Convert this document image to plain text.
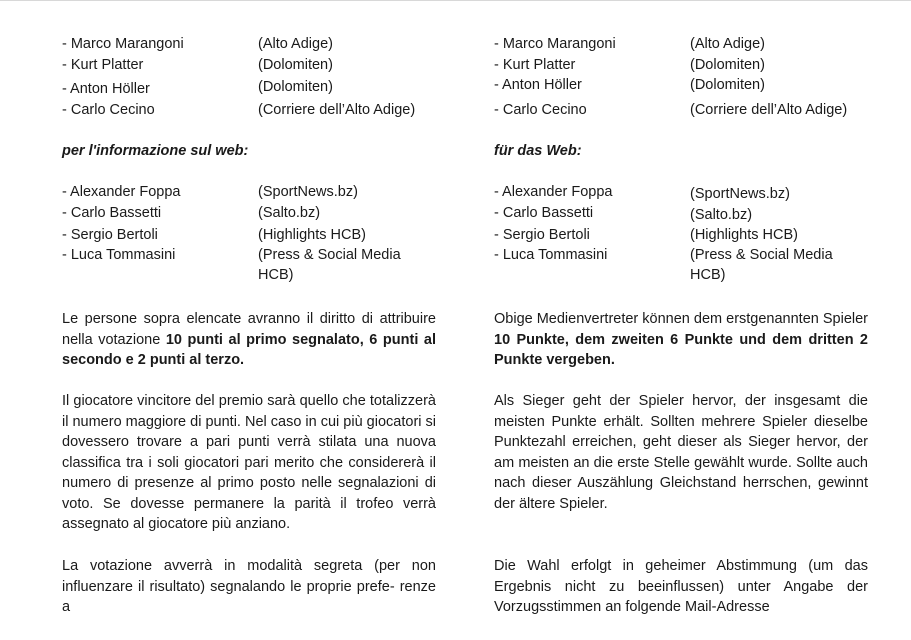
- Marco Marangoni	(Alto Adige)
- Kurt Platter	(Dolomiten)
- Anton Höller	(Dolomiten)
- Carlo Cecino	(Corriere dell’Alto Adige)
per l'informazione sul web:
- Alexander Foppa	(SportNews.bz)
- Carlo Bassetti	(Salto.bz)
- Sergio Bertoli	(Highlights HCB)
- Luca Tommasini	(Press & Social Media HCB)
Le persone sopra elencate avranno il diritto di attribuire nella votazione 10 punti al primo segnalato, 6 punti al secondo e 2 punti al terzo.
Il giocatore vincitore del premio sarà quello che totalizzerà il numero maggiore di punti. Nel caso in cui più giocatori si dovessero trovare a pari punti verrà stilata una nuova classifica tra i soli giocatori pari merito che considererà il numero di presenze al primo posto nelle segnalazioni di voto. Se dovesse permanere la parità il trofeo verrà assegnato al giocatore più anziano.
La votazione avverrà in modalità segreta (per non influenzare il risultato) segnalando le proprie prefe- renze a
- Marco Marangoni	(Alto Adige)
- Kurt Platter	(Dolomiten)
- Anton Höller	(Dolomiten)
- Carlo Cecino	(Corriere dell’Alto Adige)
für das Web:
- Alexander Foppa	(SportNews.bz)
- Carlo Bassetti	(Salto.bz)
- Sergio Bertoli	(Highlights HCB)
- Luca Tommasini	(Press & Social Media HCB)
Obige Medienvertreter können dem erstgenannten Spieler 10 Punkte, dem zweiten 6 Punkte und dem dritten 2 Punkte vergeben.
Als Sieger geht der Spieler hervor, der insgesamt die meisten Punkte erhält. Sollten mehrere Spieler dieselbe Punktezahl erreichen, geht dieser als Sieger hervor, der am meisten an die erste Stelle gewählt wurde. Sollte auch nach dieser Auszählung Gleichstand herrschen, gewinnt der ältere Spieler.
Die Wahl erfolgt in geheimer Abstimmung (um das Ergebnis nicht zu beeinflussen) unter Angabe der Vorzugsstimmen an folgende Mail-Adresse
